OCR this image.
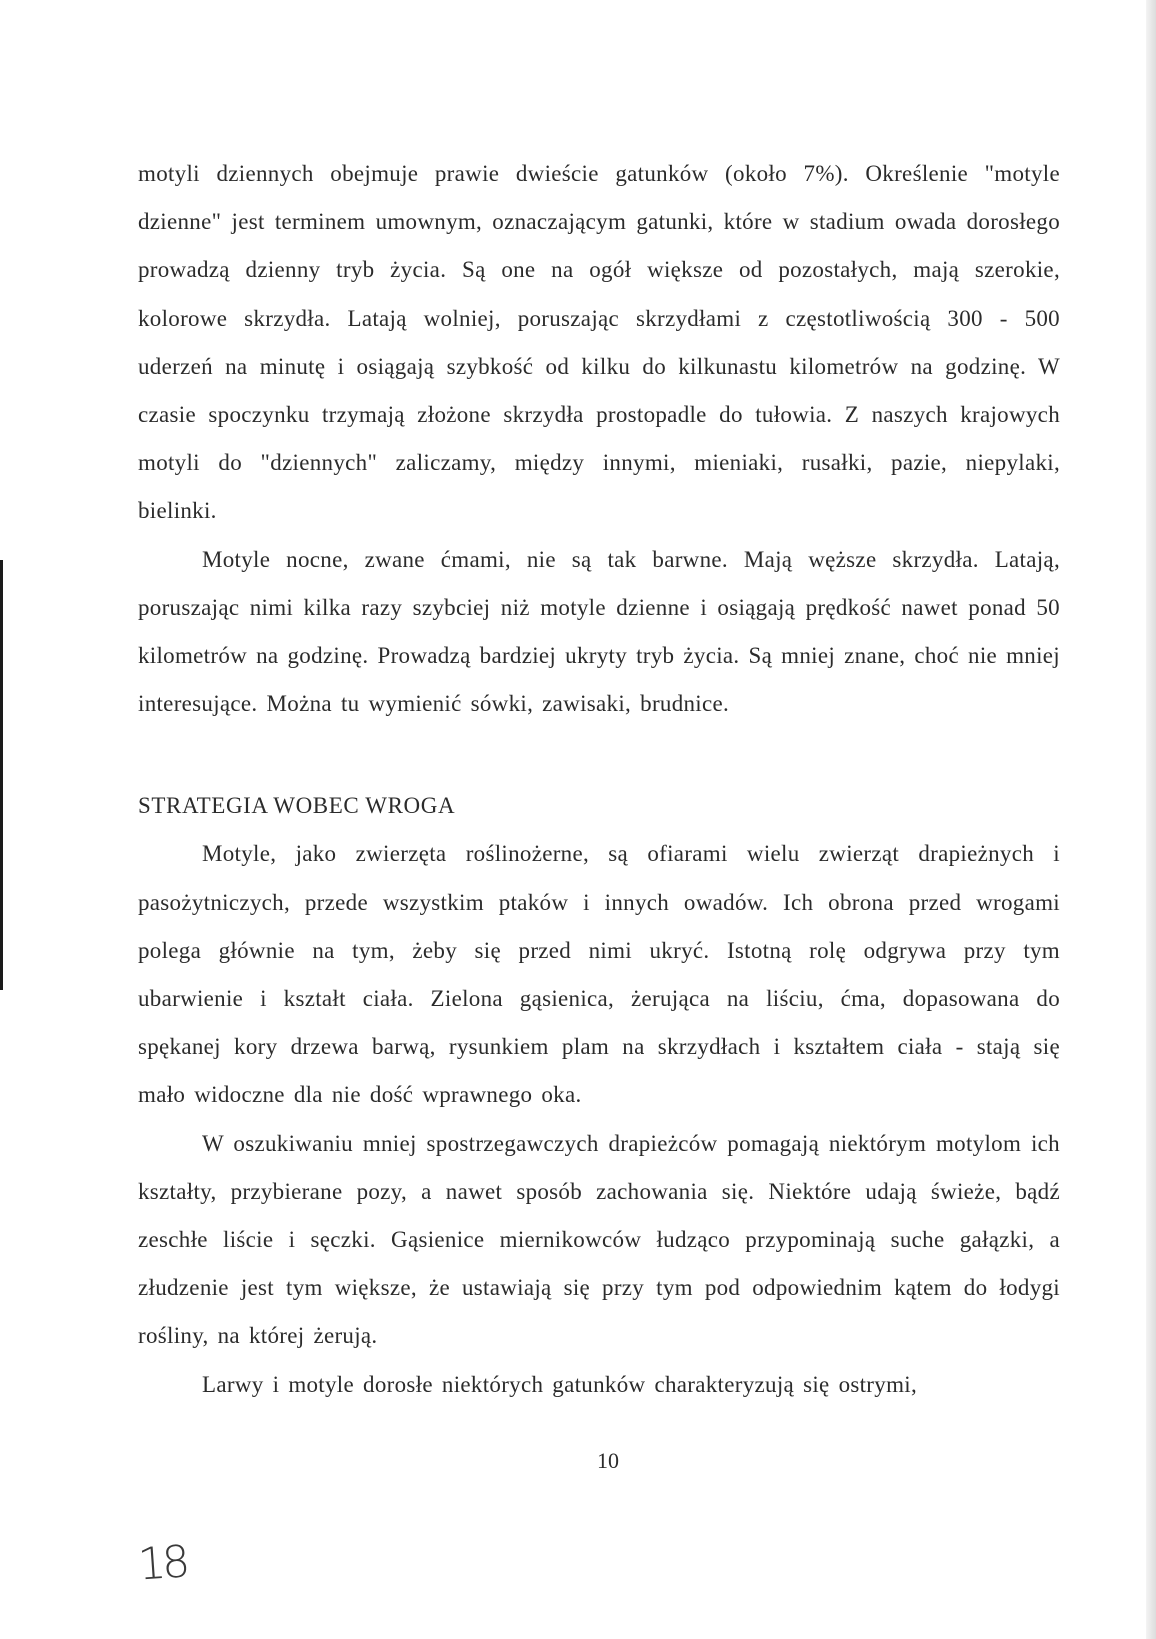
motyli dziennych obejmuje prawie dwieście gatunków (około 7%). Określenie "motyle dzienne" jest terminem umownym, oznaczającym gatunki, które w stadium owada dorosłego prowadzą dzienny tryb życia. Są one na ogół większe od pozostałych, mają szerokie, kolorowe skrzydła. Latają wolniej, poruszając skrzydłami z częstotliwością 300 - 500 uderzeń na minutę i osiągają szybkość od kilku do kilkunastu kilometrów na godzinę. W czasie spoczynku trzymają złożone skrzydła prostopadle do tułowia. Z naszych krajowych motyli do "dziennych" zaliczamy, między innymi, mieniaki, rusałki, pazie, niepylaki, bielinki.

Motyle nocne, zwane ćmami, nie są tak barwne. Mają węższe skrzydła. Latają, poruszając nimi kilka razy szybciej niż motyle dzienne i osiągają prędkość nawet ponad 50 kilometrów na godzinę. Prowadzą bardziej ukryty tryb życia. Są mniej znane, choć nie mniej interesujące. Można tu wymienić sówki, zawisaki, brudnice.

STRATEGIA WOBEC WROGA

Motyle, jako zwierzęta roślinożerne, są ofiarami wielu zwierząt drapieżnych i pasożytniczych, przede wszystkim ptaków i innych owadów. Ich obrona przed wrogami polega głównie na tym, żeby się przed nimi ukryć. Istotną rolę odgrywa przy tym ubarwienie i kształt ciała. Zielona gąsienica, żerująca na liściu, ćma, dopasowana do spękanej kory drzewa barwą, rysunkiem plam na skrzydłach i kształtem ciała - stają się mało widoczne dla nie dość wprawnego oka.

W oszukiwaniu mniej spostrzegawczych drapieżców pomagają niektórym motylom ich kształty, przybierane pozy, a nawet sposób zachowania się. Niektóre udają świeże, bądź zeschłe liście i sęczki. Gąsienice miernikowców łudząco przypominają suche gałązki, a złudzenie jest tym większe, że ustawiają się przy tym pod odpowiednim kątem do łodygi rośliny, na której żerują.

Larwy i motyle dorosłe niektórych gatunków charakteryzują się ostrymi,

10
18
